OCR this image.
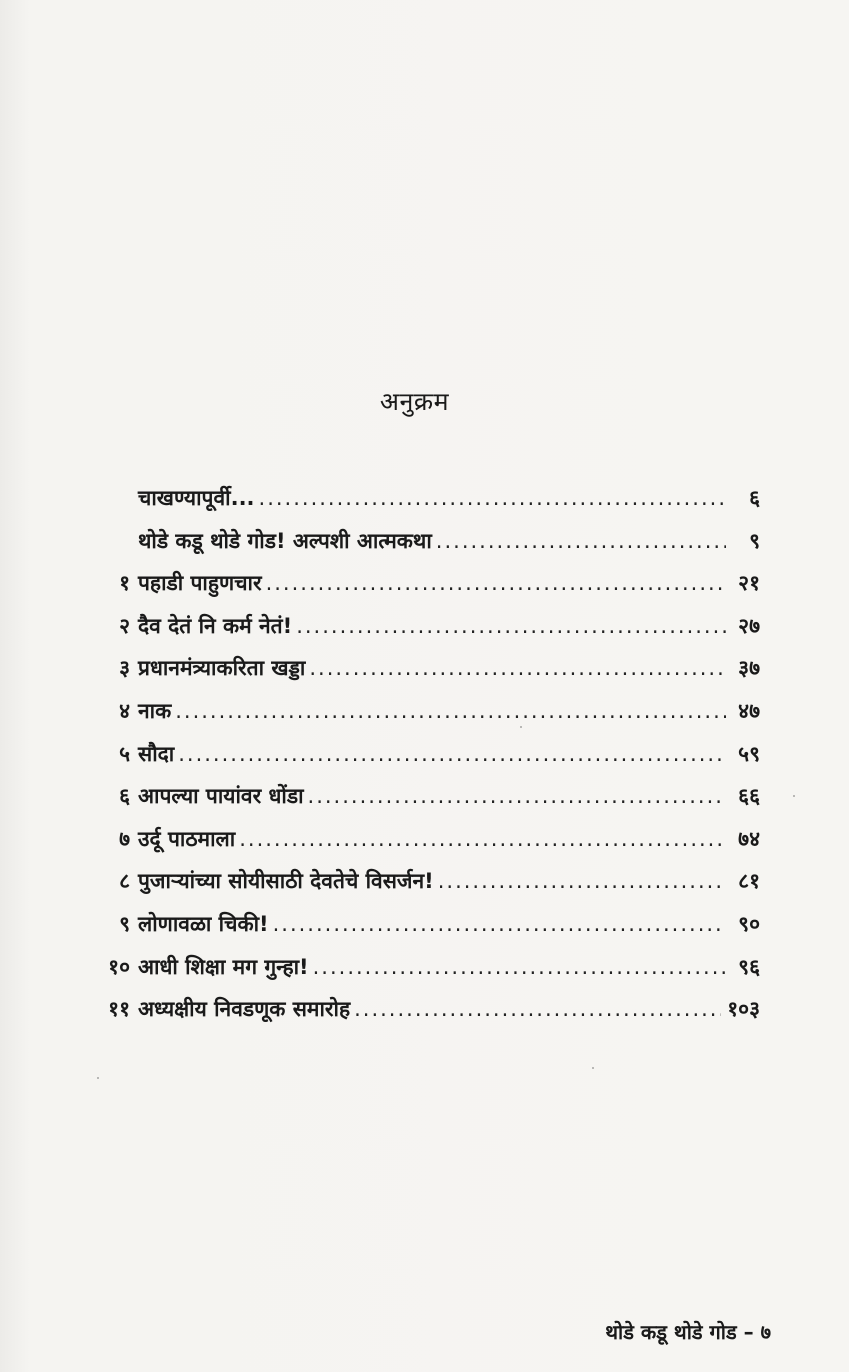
अनुक्रम
चाखण्यापूर्वी... .....	६
थोडे कडू थोडे गोड! अल्पशी आत्मकथा .....	९
१ पहाडी पाहुणचार .....	२१
२ दैव देतं नि कर्म नेतं! .....	२७
३ प्रधानमंत्र्याकरिता खड्डा .....	३७
४ नाक .....	४७
५ सौदा .....	५९
६ आपल्या पायांवर धोंडा .....	६६
७ उर्दू पाठमाला .....	७४
८ पुजाऱ्यांच्या सोयीसाठी देवतेचे विसर्जन! .....	८१
९ लोणावळा चिकी! .....	९०
१० आधी शिक्षा मग गुन्हा! .....	९६
११ अध्यक्षीय निवडणूक समारोह .....	१०३
थोडे कडू थोडे गोड – ७
